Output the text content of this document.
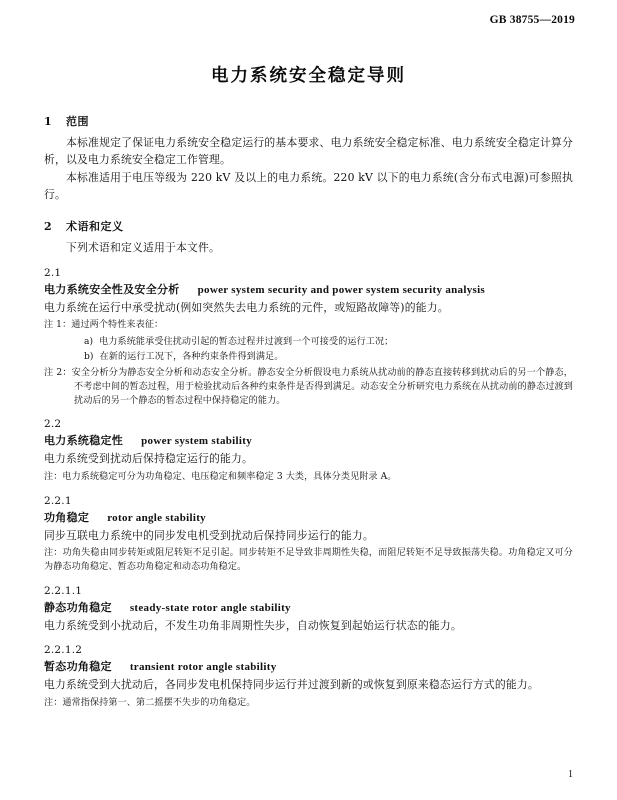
GB 38755—2019
电力系统安全稳定导则
1 范围

本标准规定了保证电力系统安全稳定运行的基本要求、电力系统安全稳定标准、电力系统安全稳定计算分析，以及电力系统安全稳定工作管理。

本标准适用于电压等级为 220 kV 及以上的电力系统。220 kV 以下的电力系统(含分布式电源)可参照执行。

2 术语和定义

下列术语和定义适用于本文件。

2.1
电力系统安全性及安全分析 power system security and power system security analysis

电力系统在运行中承受扰动(例如突然失去电力系统的元件，或短路故障等)的能力。

注 1：通过两个特性来表征：

a) 电力系统能承受住扰动引起的暂态过程并过渡到一个可接受的运行工况；

b) 在新的运行工况下，各种约束条件得到满足。

注 2：安全分析分为静态安全分析和动态安全分析。静态安全分析假设电力系统从扰动前的静态直接转移到扰动后的另一个静态，不考虑中间的暂态过程，用于检验扰动后各种约束条件是否得到满足。动态安全分析研究电力系统在从扰动前的静态过渡到扰动后的另一个静态的暂态过程中保持稳定的能力。

2.2
电力系统稳定性 power system stability

电力系统受到扰动后保持稳定运行的能力。

注：电力系统稳定可分为功角稳定、电压稳定和频率稳定 3 大类，具体分类见附录 A。

2.2.1
功角稳定 rotor angle stability

同步互联电力系统中的同步发电机受到扰动后保持同步运行的能力。

注：功角失稳由同步转矩或阻尼转矩不足引起。同步转矩不足导致非周期性失稳，而阻尼转矩不足导致振荡失稳。功角稳定又可分为静态功角稳定、暂态功角稳定和动态功角稳定。

2.2.1.1
静态功角稳定 steady-state rotor angle stability

电力系统受到小扰动后，不发生功角非周期性失步，自动恢复到起始运行状态的能力。

2.2.1.2
暂态功角稳定 transient rotor angle stability

电力系统受到大扰动后，各同步发电机保持同步运行并过渡到新的或恢复到原来稳态运行方式的能力。

注：通常指保持第一、第二摇摆不失步的功角稳定。

1
